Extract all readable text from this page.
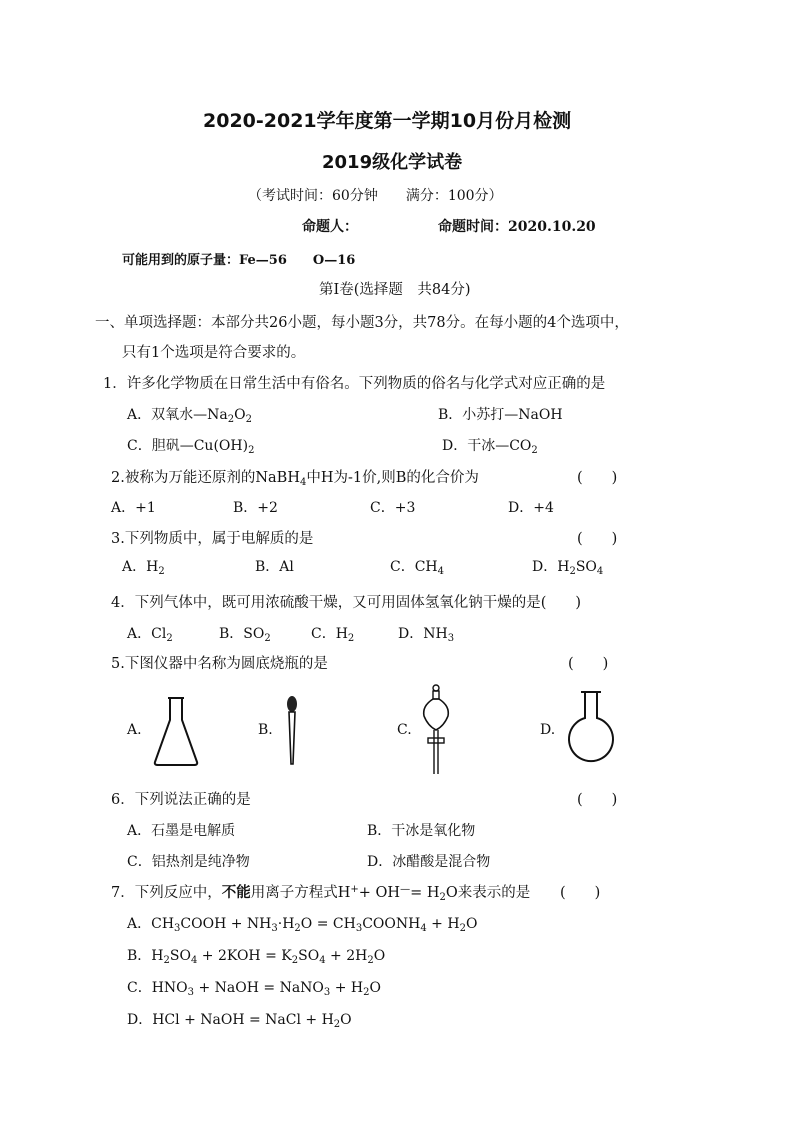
2020-2021学年度第一学期10月份月检测
2019级化学试卷
（考试时间：60分钟　　满分：100分）
命题人：	命题时间：2020.10.20
可能用到的原子量：Fe—56　　O—16
第Ⅰ卷(选择题　共84分)
一、单项选择题：本部分共26小题，每小题3分，共78分。在每小题的4个选项中，
只有1个选项是符合要求的。
1．许多化学物质在日常生活中有俗名。下列物质的俗名与化学式对应正确的是
A．双氧水$—Na_2O_2$	B．小苏打—NaOH
C．胆矾$—Cu(OH)_2$	D．干冰$—CO_2$
2.被称为万能还原剂的NaBH$_4$中H为-1价,则B的化合价为	(　　)
A．+1	B．+2	C．+3	D．+4
3.下列物质中，属于电解质的是	(　　)
A．$H_2$	B．Al	C．$CH_4$	D．$H_2SO_4$
4．下列气体中，既可用浓硫酸干燥，又可用固体氢氧化钠干燥的是(　　)
A．$Cl_2$	B．$SO_2$	C．$H_2$	D．$NH_3$
5.下图仪器中名称为圆底烧瓶的是	(　　)
A.	B.	C.	D.
6．下列说法正确的是	(　　)
A．石墨是电解质	B．干冰是氧化物
C．铝热剂是纯净物	D．冰醋酸是混合物
7．下列反应中，不能用离子方程式$H^++ OH^—= H_2O$来表示的是 (　　)
A．$CH_3COOH + NH_3\cdot H_2O$ = $CH_3COONH_4 + H_2O$
B．$H_2SO_4 + 2KOH = K_2SO_4 + 2H_2O$
C．$HNO_3$ + NaOH = NaNO$_3$ + $H_2O$
D．HCl + NaOH = NaCl + $H_2O$
